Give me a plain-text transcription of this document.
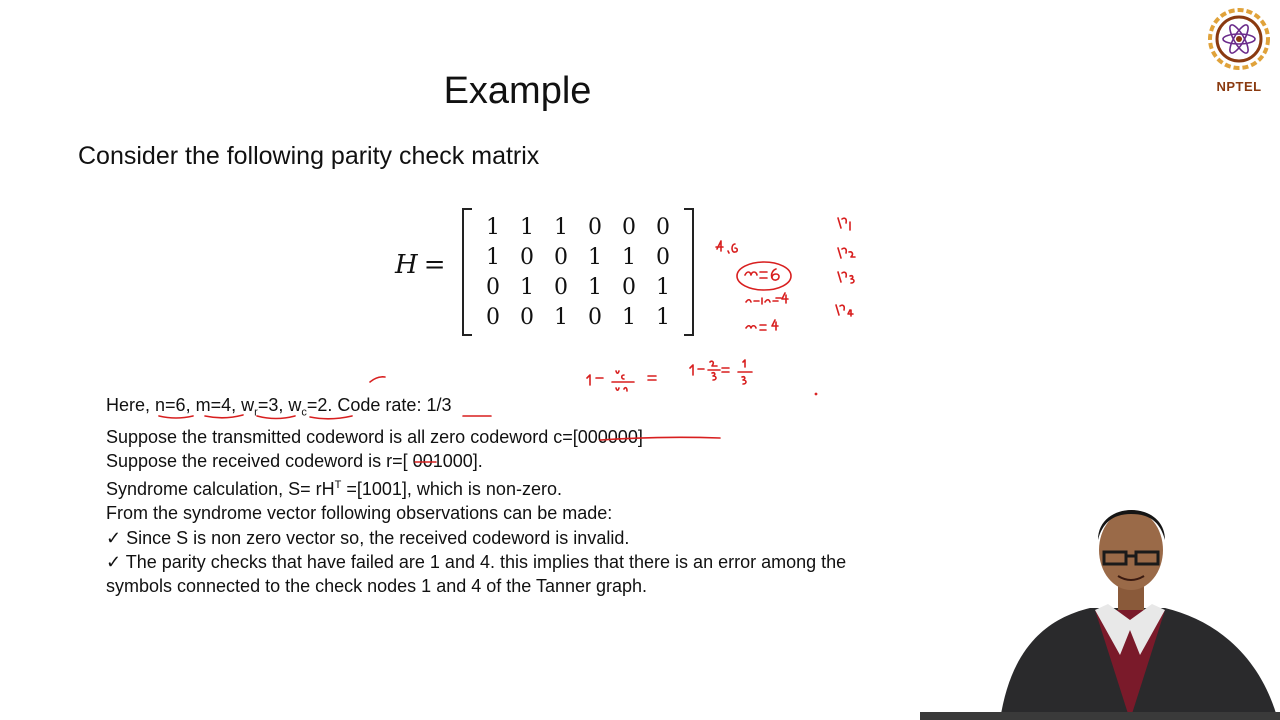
Example
Consider the following parity check matrix
H =
1 1 1 0 0 0
1 0 0 1 1 0
0 1 0 1 0 1
0 0 1 0 1 1
Here, n=6, m=4, $w_r=3$, $w_c=2$. Code rate: 1/3
Suppose the transmitted codeword is all zero codeword c=[000000]
Suppose the received codeword is r=[ 001000].
Syndrome calculation, $S= rH^T =[1001]$, which is non-zero.
From the syndrome vector following observations can be made:
✓ Since S is non zero vector so, the received codeword is invalid.
✓ The parity checks that have failed are 1 and 4. this implies that there is an error among the
symbols connected to the check nodes 1 and 4 of the Tanner graph.
NPTEL
